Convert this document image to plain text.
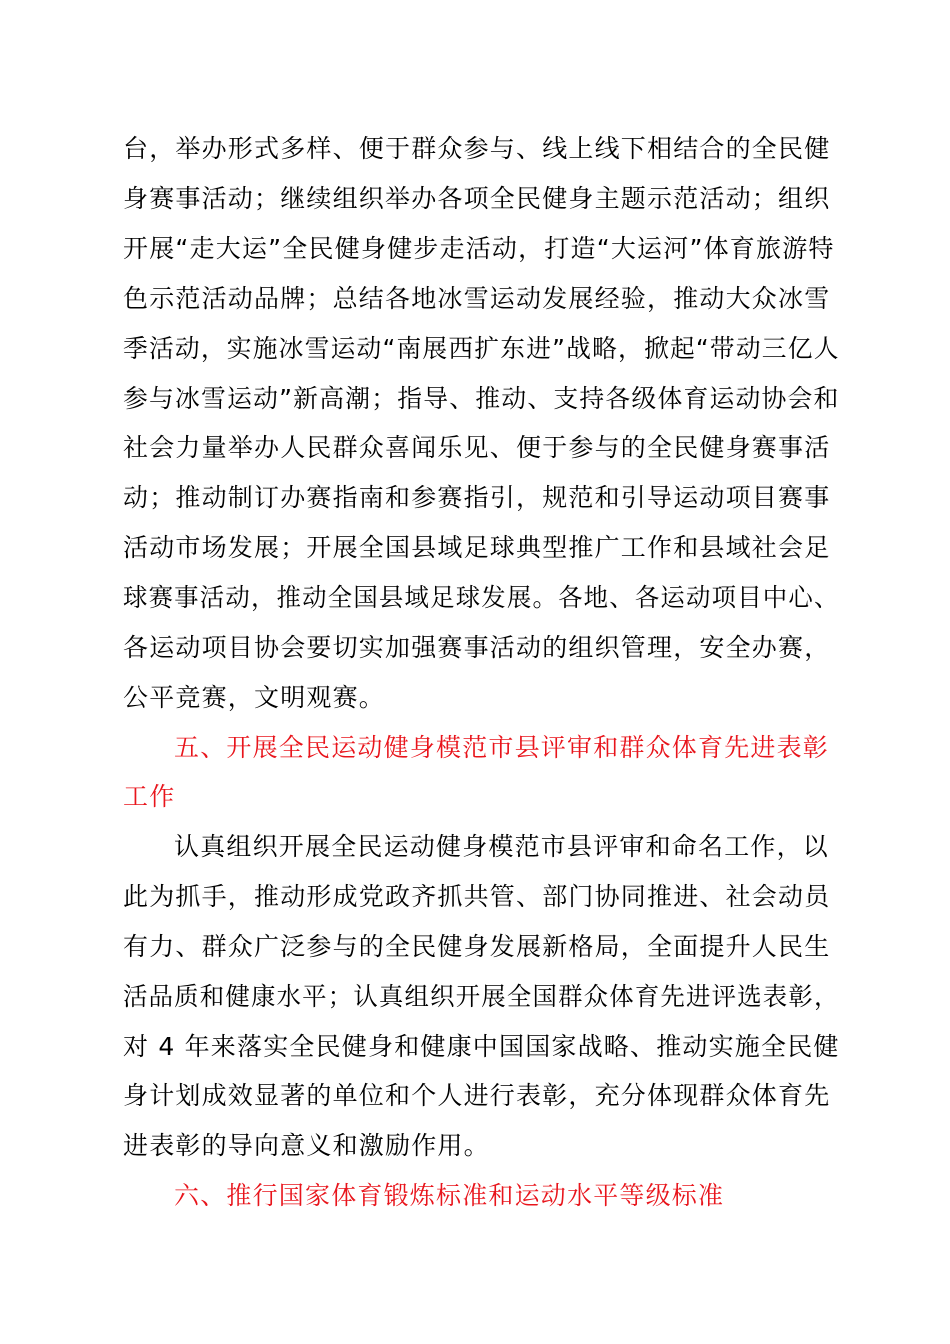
台，举办形式多样、便于群众参与、线上线下相结合的全民健
身赛事活动；继续组织举办各项全民健身主题示范活动；组织
开展“走大运”全民健身健步走活动，打造“大运河”体育旅游特
色示范活动品牌；总结各地冰雪运动发展经验，推动大众冰雪
季活动，实施冰雪运动“南展西扩东进”战略，掀起“带动三亿人
参与冰雪运动”新高潮；指导、推动、支持各级体育运动协会和
社会力量举办人民群众喜闻乐见、便于参与的全民健身赛事活
动；推动制订办赛指南和参赛指引，规范和引导运动项目赛事
活动市场发展；开展全国县域足球典型推广工作和县域社会足
球赛事活动，推动全国县域足球发展。各地、各运动项目中心、
各运动项目协会要切实加强赛事活动的组织管理，安全办赛，
公平竞赛，文明观赛。
五、开展全民运动健身模范市县评审和群众体育先进表彰
工作
认真组织开展全民运动健身模范市县评审和命名工作，以
此为抓手，推动形成党政齐抓共管、部门协同推进、社会动员
有力、群众广泛参与的全民健身发展新格局，全面提升人民生
活品质和健康水平；认真组织开展全国群众体育先进评选表彰，
对 4 年来落实全民健身和健康中国国家战略、推动实施全民健
身计划成效显著的单位和个人进行表彰，充分体现群众体育先
进表彰的导向意义和激励作用。
六、推行国家体育锻炼标准和运动水平等级标准
